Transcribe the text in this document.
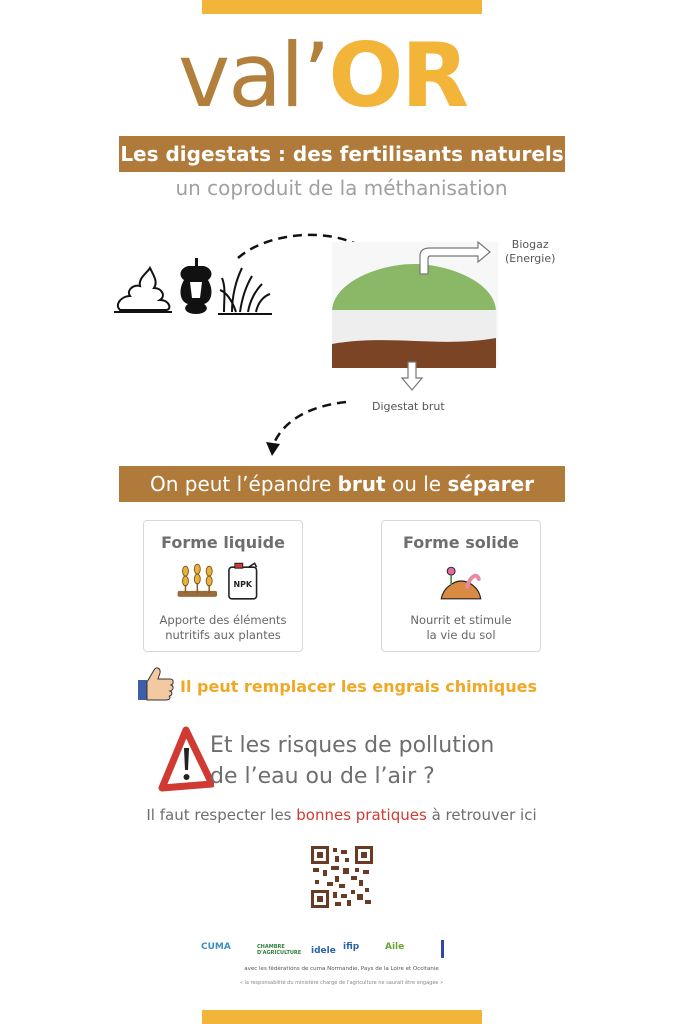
val’OR
Les digestats : des fertilisants naturels
un coproduit de la méthanisation
Biogaz
(Energie)
Digestat brut
On peut l’épandre brut ou le séparer
Forme liquide
NPK
Apporte des éléments
nutritifs aux plantes
Forme solide
Nourrit et stimule
la vie du sol
Il peut remplacer les engrais chimiques
Et les risques de pollution
de l’eau ou de l’air ?
Il faut respecter les bonnes pratiques à retrouver ici
CUMA	CHAMBRE D'AGRICULTURE idele ifip	Aile
avec les fédérations de cuma Normandie, Pays de la Loire et Occitanie
« la responsabilité du ministère chargé de l'agriculture ne saurait être engagée »
